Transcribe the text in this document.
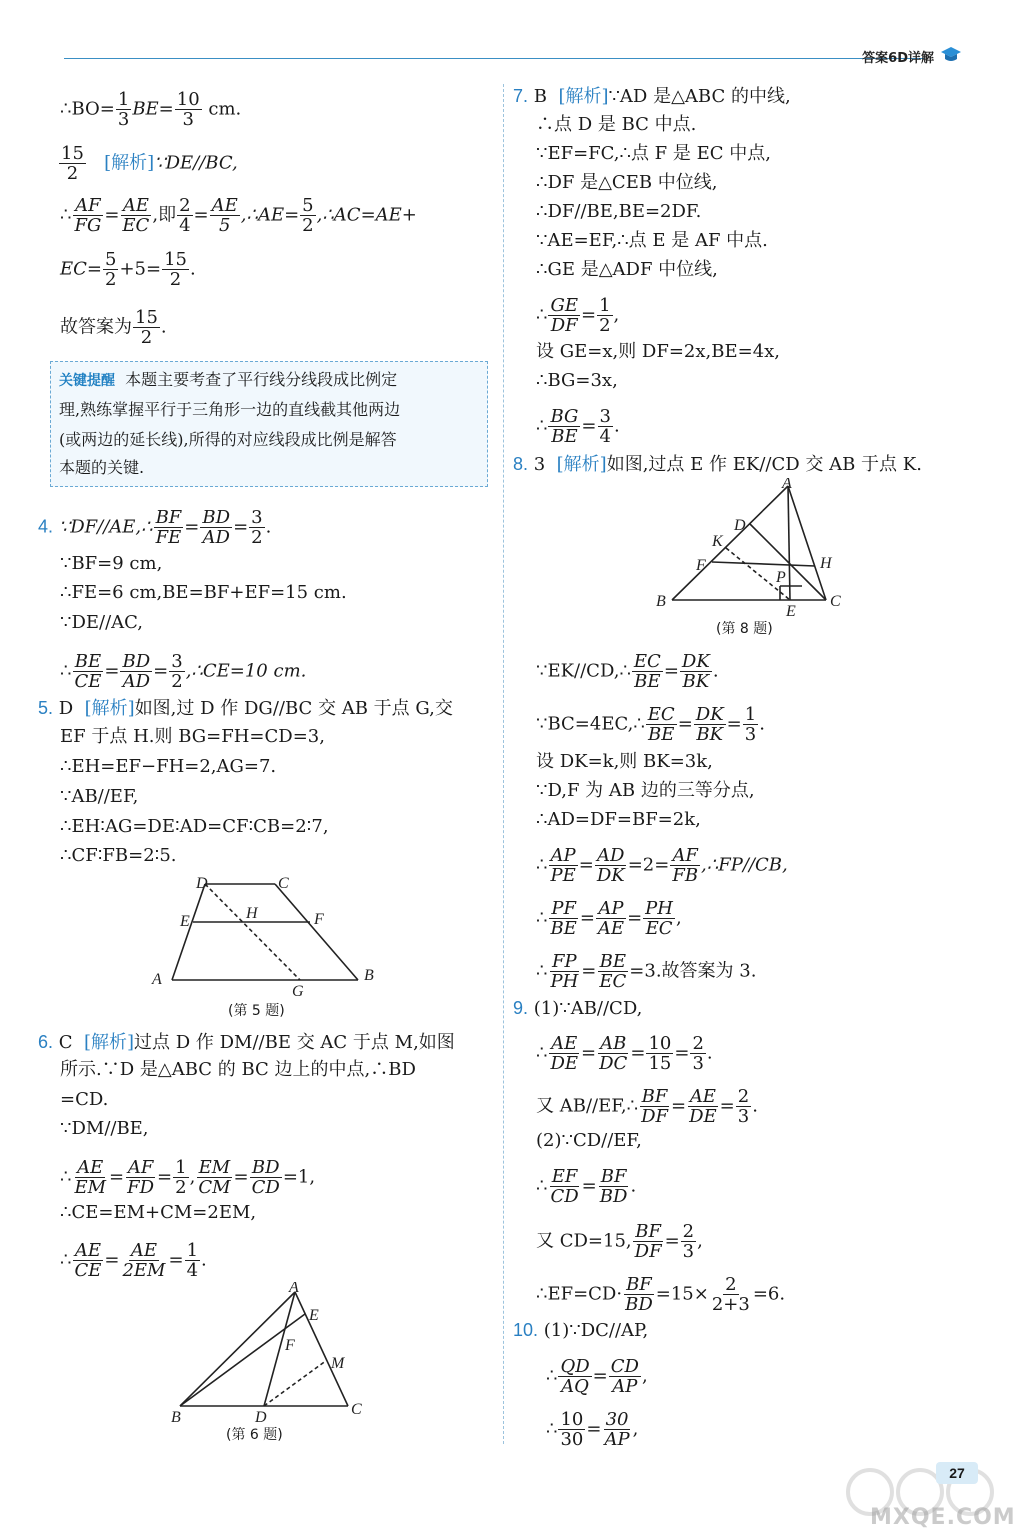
答案6D详解
∴BO= $\frac{1}{3} BE= \frac{10}{3}$ cm.
$\frac{15}{2}$ [解析]∵DE//BC,
∴ $\frac{AF}{FG} = \frac{AE}{EC}$ ,即 $\frac{2}{4} = \frac{AE}{5}$ ,∴AE= $\frac{5}{2}$ ,∴AC=AE+
$EC= \frac{5}{2} +5= \frac{15}{2}$ .
故答案为 $\frac{15}{2}$ .
关键提醒 本题主要考查了平行线分线段成比例定
理,熟练掌握平行于三角形一边的直线截其他两边
(或两边的延长线),所得的对应线段成比例是解答
本题的关键.
4. ∵DF//AE,∴ $\frac{BF}{FE} = \frac{BD}{AD} = \frac{3}{2}$ .
∵BF=9 cm,
∴FE=6 cm,BE=BF+EF=15 cm.
∵DE//AC,
∴ $\frac{BE}{CE} = \frac{BD}{AD} = \frac{3}{2}$ ,∴CE=10 cm.
5. D [解析]如图,过 D 作 DG//BC 交 AB 于点 G,交
EF 于点 H.则 BG=FH=CD=3,
∴EH=EF−FH=2,AG=7.
∵AB//EF,
∴EH∶AG=DE∶AD=CF∶CB=2∶7,
∴CF∶FB=2∶5.
D	C
E	H	F
A	B
G
(第 5 题)
6. C [解析]过点 D 作 DM//BE 交 AC 于点 M,如图
所示.∵D 是△ABC 的 BC 边上的中点,∴BD
=CD.
∵DM//BE,
∴ $\frac{AE}{EM} = \frac{AF}{FD} = \frac{1}{2}$ , $\frac{EM}{CM} = \frac{BD}{CD} =1$,
∴CE=EM+CM=2EM,
∴ $\frac{AE}{CE} = \frac{AE}{2EM} = \frac{1}{4}$ .
A
E
F
M
B	D	C
(第 6 题)
7. B [解析]∵AD 是△ABC 的中线,
∴点 D 是 BC 中点.
∵EF=FC,∴点 F 是 EC 中点,
∴DF 是△CEB 中位线,
∴DF//BE,BE=2DF.
∵AE=EF,∴点 E 是 AF 中点.
∴GE 是△ADF 中位线,
∴ $\frac{GE}{DF} = \frac{1}{2}$ ,
设 GE=x,则 DF=2x,BE=4x,
∴BG=3x,
∴ $\frac{BG}{BE} = \frac{3}{4}$ .
8. 3 [解析]如图,过点 E 作 EK//CD 交 AB 于点 K.
A
D
K
F	H
P
B
E
C
(第 8 题)
∵EK//CD,∴ $\frac{EC}{BE} = \frac{DK}{BK}$ .
∵BC=4EC,∴ $\frac{EC}{BE} = \frac{DK}{BK} = \frac{1}{3}$ .
设 DK=k,则 BK=3k,
∵D,F 为 AB 边的三等分点,
∴AD=DF=BF=2k,
∴ $\frac{AP}{PE} = \frac{AD}{DK} =2= \frac{AF}{FB}$ ,∴FP//CB,
∴ $\frac{PF}{BE} = \frac{AP}{AE} = \frac{PH}{EC}$ ,
∴ $\frac{FP}{PH} = \frac{BE}{EC} =3$.故答案为 3.
9. (1)∵AB//CD,
∴ $\frac{AE}{DE} = \frac{AB}{DC} = \frac{10}{15} = \frac{2}{3}$ .
又 AB//EF,∴ $\frac{BF}{DF} = \frac{AE}{DE} = \frac{2}{3}$ .
(2)∵CD//EF,
∴ $\frac{EF}{CD} = \frac{BF}{BD}$ .
又 CD=15, $\frac{BF}{DF} = \frac{2}{3}$ ,
∴EF=CD· $\frac{BF}{BD} =15\times \frac{2}{2+3} =6$.
10. (1)∵DC//AP,
∴ $\frac{QD}{AQ} = \frac{CD}{AP}$ ,
∴ $\frac{10}{30} = \frac{30}{AP}$ ,
27
MXQE.COM
